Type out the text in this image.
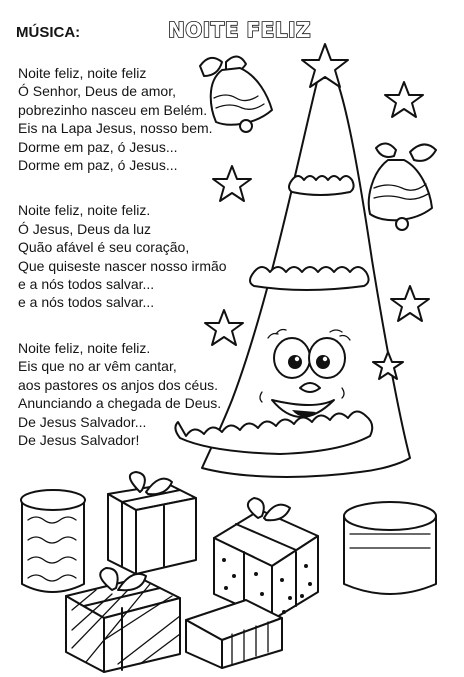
MÚSICA:	NOITE FELIZ
Noite feliz, noite feliz
Ó Senhor, Deus de amor,
pobrezinho nasceu em Belém.
Eis na Lapa Jesus, nosso bem.
Dorme em paz, ó Jesus...
Dorme em paz, ó Jesus...
Noite feliz, noite feliz.
Ó Jesus, Deus da luz
Quão afável é seu coração,
Que quiseste nascer nosso irmão
e a nós todos salvar...
e a nós todos salvar...
Noite feliz, noite feliz.
Eis que no ar vêm cantar,
aos pastores os anjos dos céus.
Anunciando a chegada de Deus.
De Jesus Salvador...
De Jesus Salvador!
